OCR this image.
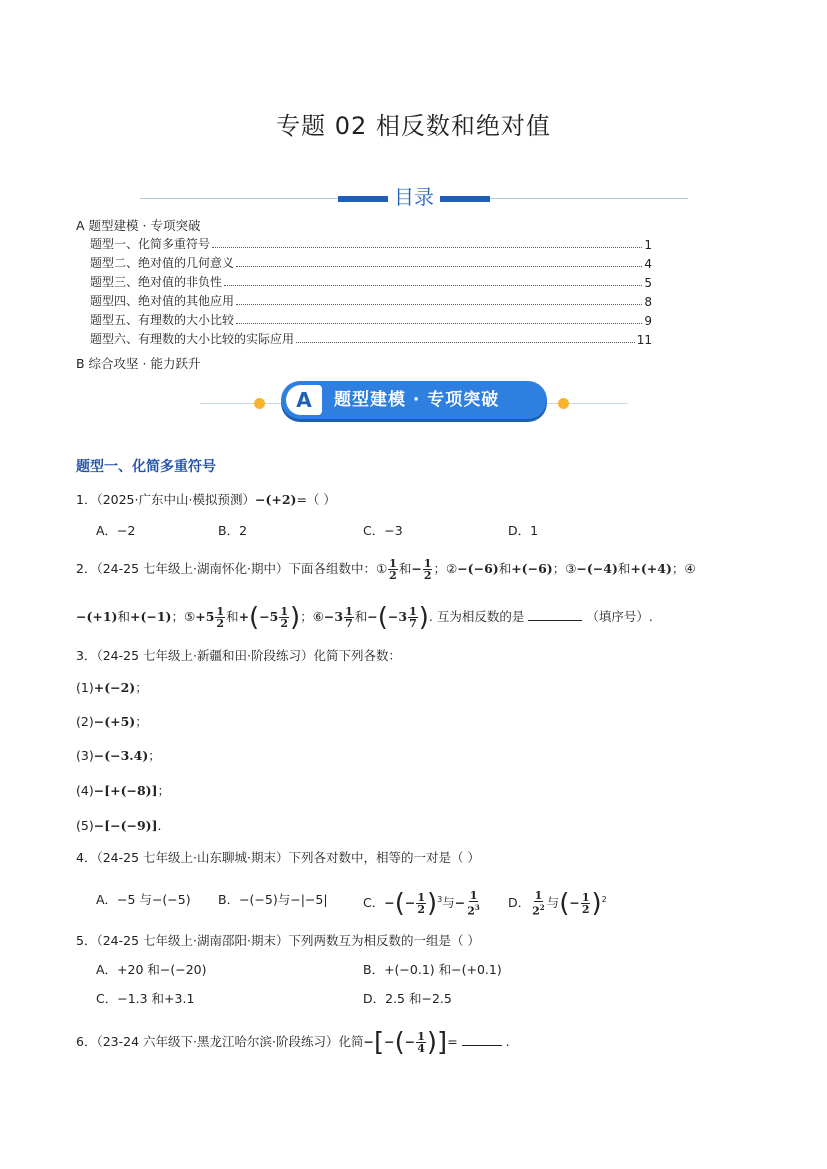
专题 02 相反数和绝对值
目录
A 题型建模 · 专项突破
题型一、化简多重符号	1
题型二、绝对值的几何意义	4
题型三、绝对值的非负性	5
题型四、绝对值的其他应用	8
题型五、有理数的大小比较	9
题型六、有理数的大小比较的实际应用	11
B 综合攻坚 · 能力跃升
A	题型建模 · 专项突破
题型一、化简多重符号
1．（2025·广东中山·模拟预测）−(+2)=（ ）
A．−2	B．2	C．−3	D．1
2．（24-25 七年级上·湖南怀化·期中）下面各组数中：① $\frac{1}{2}$ 和− $\frac{1}{2}$ ；②−(−6)和+(−6)；③−(−4)和+(+4)；④
−(+1)和+(−1)；⑤+5 $\frac{1}{2}$ 和$+(-5 \frac{1}{2}$ )；⑥−3 $\frac{1}{7}$ 和$-(-3 \frac{1}{7}$ ). 互为相反数的是	（填序号）.
3．（24-25 七年级上·新疆和田·阶段练习）化简下列各数：
(1)+(−2)；
(2)−(+5)；
(3)−(−3.4)；
(4)−[+(−8)]；
(5)−[−(−9)].
4．（24-25 七年级上·山东聊城·期末）下列各对数中，相等的一对是（ ）
A．−5 与−(−5) B．−(−5)与−|−5|	C．−(− $\frac{1}{2} )^3$与− $\frac{1}{2^3}$ D． $\frac{1}{2^2}$ 与(− $\frac{1}{2} )^2$
5．（24-25 七年级上·湖南邵阳·期末）下列两数互为相反数的一组是（ ）
A．+20 和−(−20)	B．+(−0.1) 和−(+0.1)
C．−1.3 和+3.1	D．2.5 和−2.5
6．（23-24 六年级下·黑龙江哈尔滨·阶段练习）化简−[−(− $\frac{1}{4}$ )]=	.
